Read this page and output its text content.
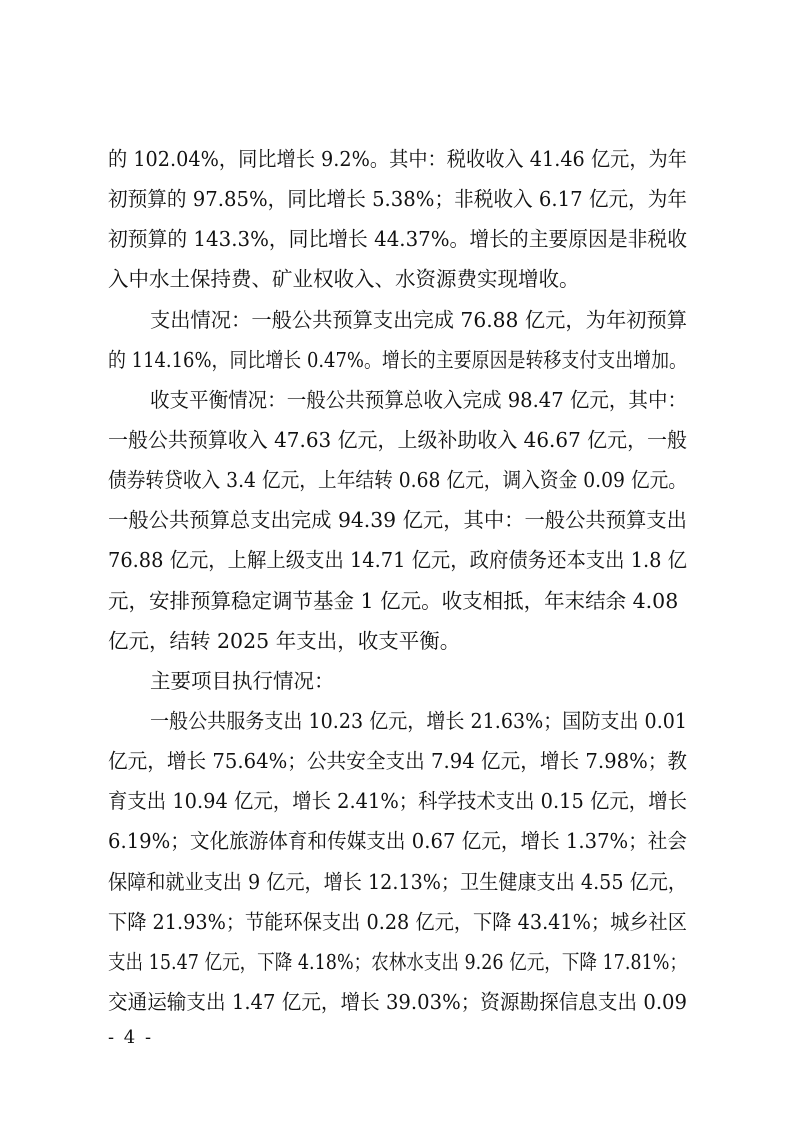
的 102.04%，同比增长 9.2%。其中：税收收入 41.46 亿元，为年
初预算的 97.85%，同比增长 5.38%；非税收入 6.17 亿元，为年
初预算的 143.3%，同比增长 44.37%。增长的主要原因是非税收
入中水土保持费、矿业权收入、水资源费实现增收。
支出情况：一般公共预算支出完成 76.88 亿元，为年初预算
的 114.16%，同比增长 0.47%。增长的主要原因是转移支付支出增加。
收支平衡情况：一般公共预算总收入完成 98.47 亿元，其中：
一般公共预算收入 47.63 亿元，上级补助收入 46.67 亿元，一般
债券转贷收入 3.4 亿元，上年结转 0.68 亿元，调入资金 0.09 亿元。
一般公共预算总支出完成 94.39 亿元，其中：一般公共预算支出
76.88 亿元，上解上级支出 14.71 亿元，政府债务还本支出 1.8 亿
元，安排预算稳定调节基金 1 亿元。收支相抵，年末结余 4.08
亿元，结转 2025 年支出，收支平衡。
主要项目执行情况：
一般公共服务支出 10.23 亿元，增长 21.63%；国防支出 0.01
亿元，增长 75.64%；公共安全支出 7.94 亿元，增长 7.98%；教
育支出 10.94 亿元，增长 2.41%；科学技术支出 0.15 亿元，增长
6.19%；文化旅游体育和传媒支出 0.67 亿元，增长 1.37%；社会
保障和就业支出 9 亿元，增长 12.13%；卫生健康支出 4.55 亿元，
下降 21.93%；节能环保支出 0.28 亿元，下降 43.41%；城乡社区
支出 15.47 亿元，下降 4.18%；农林水支出 9.26 亿元，下降 17.81%；
交通运输支出 1.47 亿元，增长 39.03%；资源勘探信息支出 0.09
- 4 -
